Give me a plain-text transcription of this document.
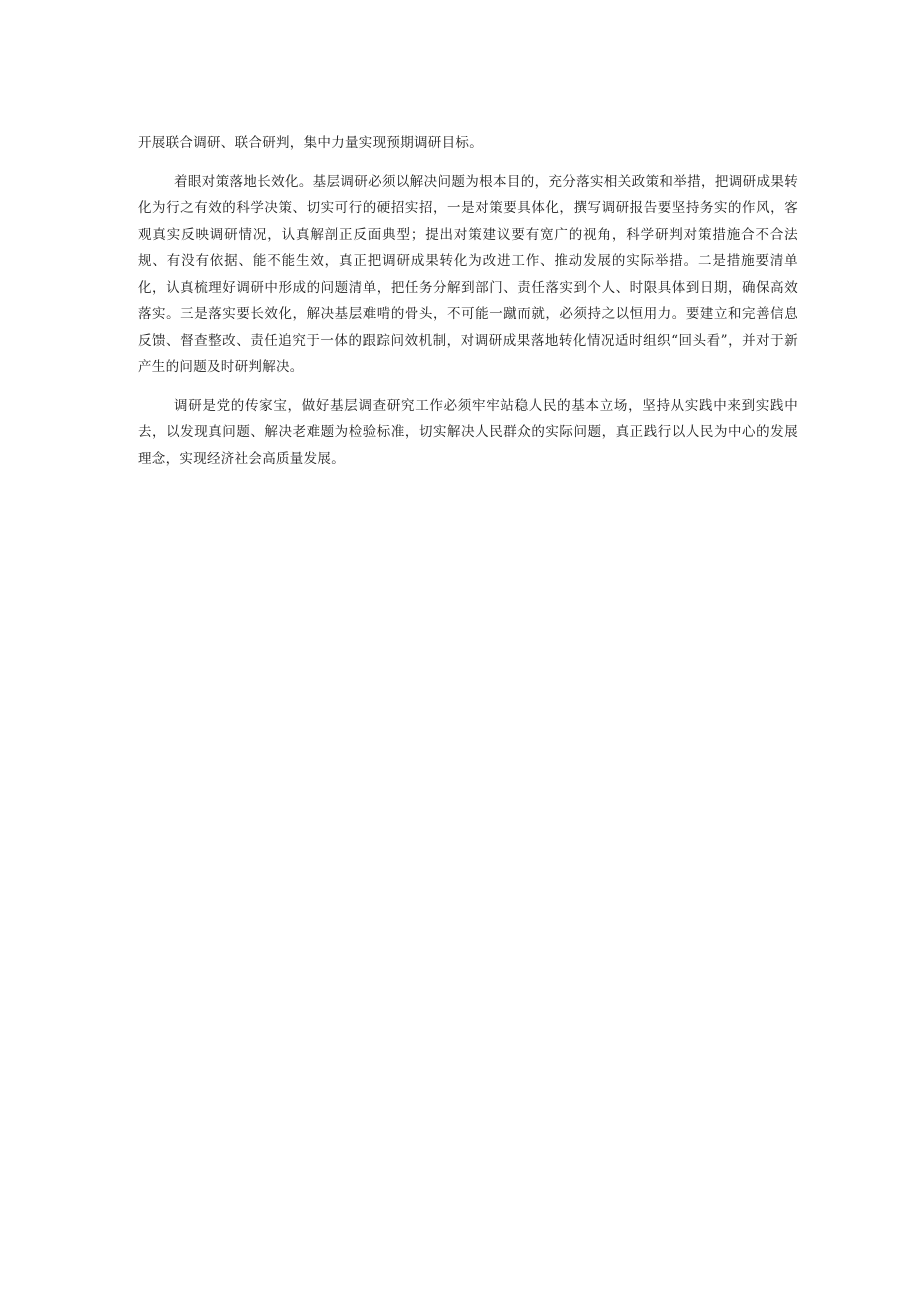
开展联合调研、联合研判，集中力量实现预期调研目标。

着眼对策落地长效化。基层调研必须以解决问题为根本目的，充分落实相关政策和举措，把调研成果转化为行之有效的科学决策、切实可行的硬招实招，一是对策要具体化，撰写调研报告要坚持务实的作风，客观真实反映调研情况，认真解剖正反面典型；提出对策建议要有宽广的视角，科学研判对策措施合不合法规、有没有依据、能不能生效，真正把调研成果转化为改进工作、推动发展的实际举措。二是措施要清单化，认真梳理好调研中形成的问题清单，把任务分解到部门、责任落实到个人、时限具体到日期，确保高效落实。三是落实要长效化，解决基层难啃的骨头，不可能一蹴而就，必须持之以恒用力。要建立和完善信息反馈、督查整改、责任追究于一体的跟踪问效机制，对调研成果落地转化情况适时组织“回头看”，并对于新产生的问题及时研判解决。

调研是党的传家宝，做好基层调查研究工作必须牢牢站稳人民的基本立场，坚持从实践中来到实践中去，以发现真问题、解决老难题为检验标准，切实解决人民群众的实际问题，真正践行以人民为中心的发展理念，实现经济社会高质量发展。
